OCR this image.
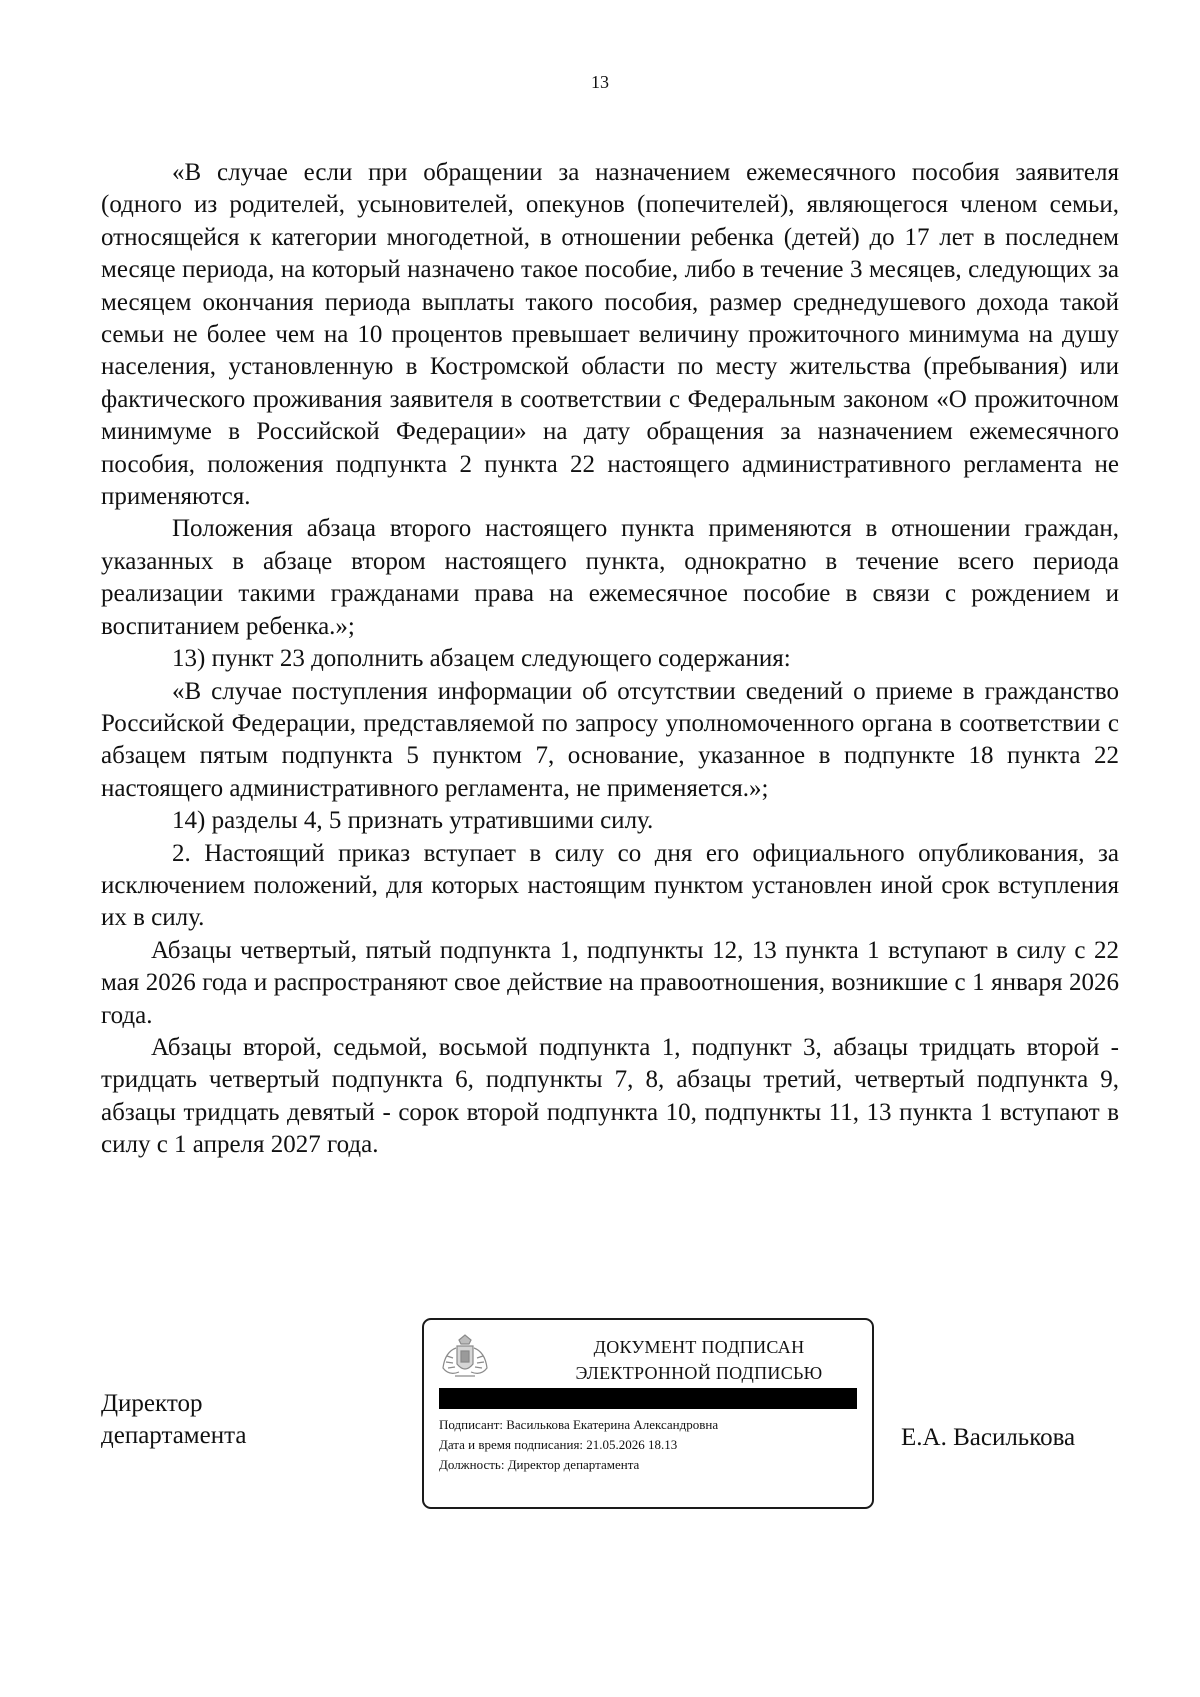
13

«В случае если при обращении за назначением ежемесячного пособия заявителя (одного из родителей, усыновителей, опекунов (попечителей), являющегося членом семьи, относящейся к категории многодетной, в отношении ребенка (детей) до 17 лет в последнем месяце периода, на который назначено такое пособие, либо в течение 3 месяцев, следующих за месяцем окончания периода выплаты такого пособия, размер среднедушевого дохода такой семьи не более чем на 10 процентов превышает величину прожиточного минимума на душу населения, установленную в Костромской области по месту жительства (пребывания) или фактического проживания заявителя в соответствии с Федеральным законом «О прожиточном минимуме в Российской Федерации» на дату обращения за назначением ежемесячного пособия, положения подпункта 2 пункта 22 настоящего административного регламента не применяются.

Положения абзаца второго настоящего пункта применяются в отношении граждан, указанных в абзаце втором настоящего пункта, однократно в течение всего периода реализации такими гражданами права на ежемесячное пособие в связи с рождением и воспитанием ребенка.»;

13) пункт 23 дополнить абзацем следующего содержания:

«В случае поступления информации об отсутствии сведений о приеме в гражданство Российской Федерации, представляемой по запросу уполномоченного органа в соответствии с абзацем пятым подпункта 5 пунктом 7, основание, указанное в подпункте 18 пункта 22 настоящего административного регламента, не применяется.»;

14) разделы 4, 5 признать утратившими силу.

2. Настоящий приказ вступает в силу со дня его официального опубликования, за исключением положений, для которых настоящим пунктом установлен иной срок вступления их в силу.

Абзацы четвертый, пятый подпункта 1, подпункты 12, 13 пункта 1 вступают в силу с 22 мая 2026 года и распространяют свое действие на правоотношения, возникшие с 1 января 2026 года.

Абзацы второй, седьмой, восьмой подпункта 1, подпункт 3, абзацы тридцать второй - тридцать четвертый подпункта 6, подпункты 7, 8, абзацы третий, четвертый подпункта 9, абзацы тридцать девятый - сорок второй подпункта 10, подпункты 11, 13 пункта 1 вступают в силу с 1 апреля 2027 года.

Директор
департамента
ДОКУМЕНТ ПОДПИСАН
ЭЛЕКТРОННОЙ ПОДПИСЬЮ
Подписант: Василькова Екатерина Александровна
Дата и время подписания: 21.05.2026 18.13
Должность: Директор департамента
Е.А. Василькова
